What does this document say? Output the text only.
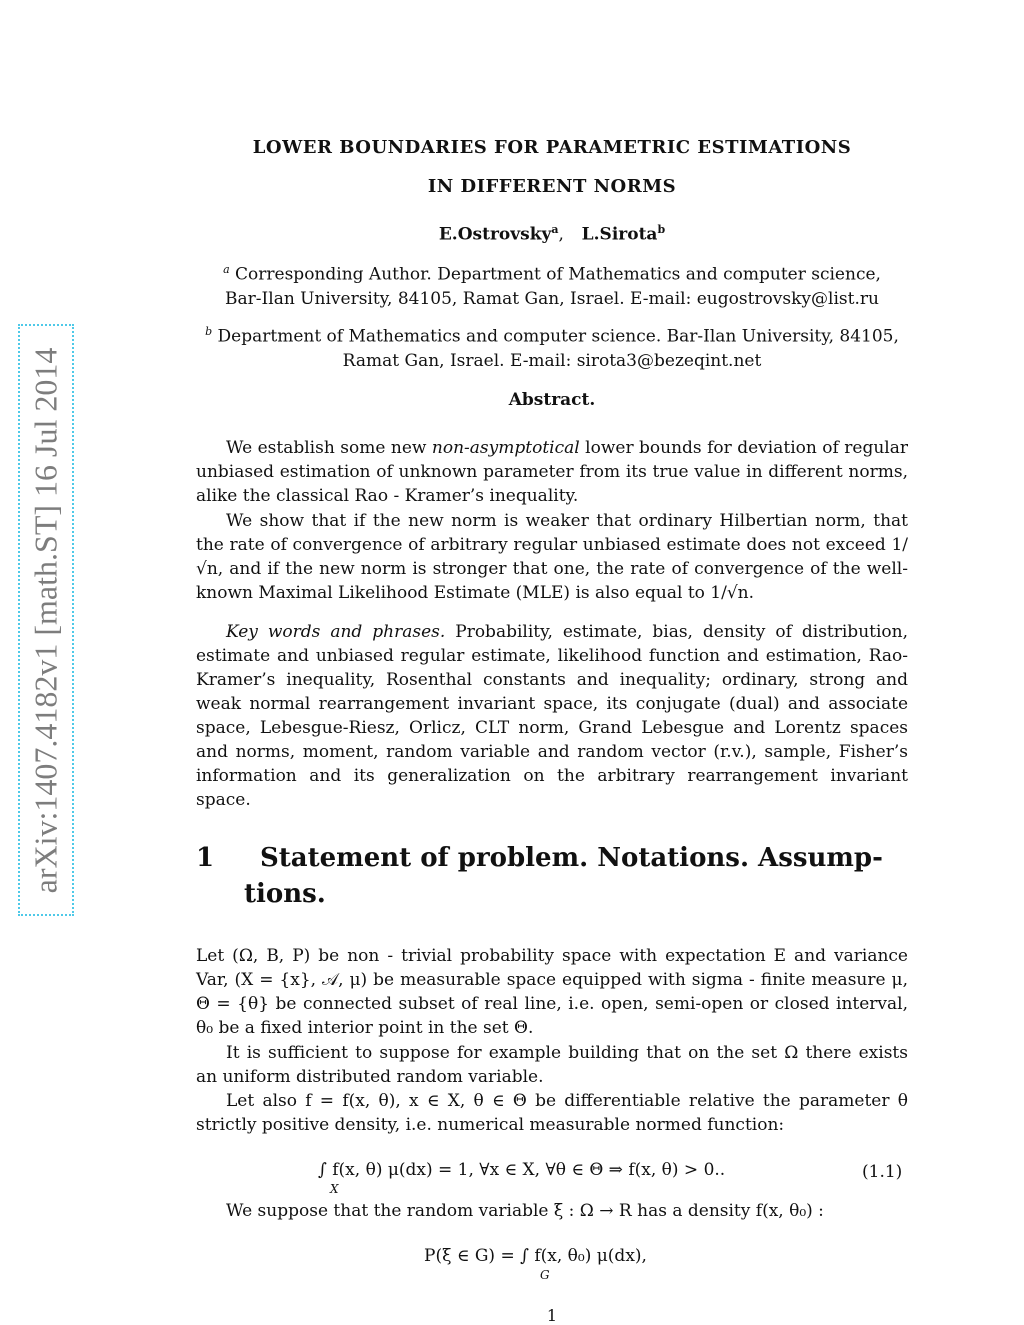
arXiv:1407.4182v1 [math.ST] 16 Jul 2014
LOWER BOUNDARIES FOR PARAMETRIC ESTIMATIONS
IN DIFFERENT NORMS
E.Ostrovsky$^a$, L.Sirota$^b$
$^a$ Corresponding Author. Department of Mathematics and computer science,
Bar-Ilan University, 84105, Ramat Gan, Israel. E-mail: eugostrovsky@list.ru
$^b$ Department of Mathematics and computer science. Bar-Ilan University, 84105,
Ramat Gan, Israel. E-mail: sirota3@bezeqint.net
Abstract.
We establish some new non-asymptotical lower bounds for deviation of regular unbiased estimation of unknown parameter from its true value in different norms, alike the classical Rao - Kramer’s inequality.
We show that if the new norm is weaker that ordinary Hilbertian norm, that the rate of convergence of arbitrary regular unbiased estimate does not exceed 1/√n, and if the new norm is stronger that one, the rate of convergence of the well-known Maximal Likelihood Estimate (MLE) is also equal to 1/√n.
Key words and phrases. Probability, estimate, bias, density of distribution, estimate and unbiased regular estimate, likelihood function and estimation, Rao-Kramer’s inequality, Rosenthal constants and inequality; ordinary, strong and weak normal rearrangement invariant space, its conjugate (dual) and associate space, Lebesgue-Riesz, Orlicz, CLT norm, Grand Lebesgue and Lorentz spaces and norms, moment, random variable and random vector (r.v.), sample, Fisher’s information and its generalization on the arbitrary rearrangement invariant space.
1	Statement of problem. Notations. Assump-
tions.
Let (Ω, B, P) be non - trivial probability space with expectation E and variance Var, (X = {x}, 𝒜, μ) be measurable space equipped with sigma - finite measure μ, Θ = {θ} be connected subset of real line, i.e. open, semi-open or closed interval, θ₀ be a fixed interior point in the set Θ.
It is sufficient to suppose for example building that on the set Ω there exists an uniform distributed random variable.
Let also f = f(x, θ), x ∈ X, θ ∈ Θ be differentiable relative the parameter θ strictly positive density, i.e. numerical measurable normed function:
∫ f(x, θ) μ(dx) = 1, ∀x ∈ X, ∀θ ∈ Θ ⇒ f(x, θ) > 0..
X
(1.1)
We suppose that the random variable ξ : Ω → R has a density f(x, θ₀) :
P(ξ ∈ G) = ∫ f(x, θ₀) μ(dx),
G
1
